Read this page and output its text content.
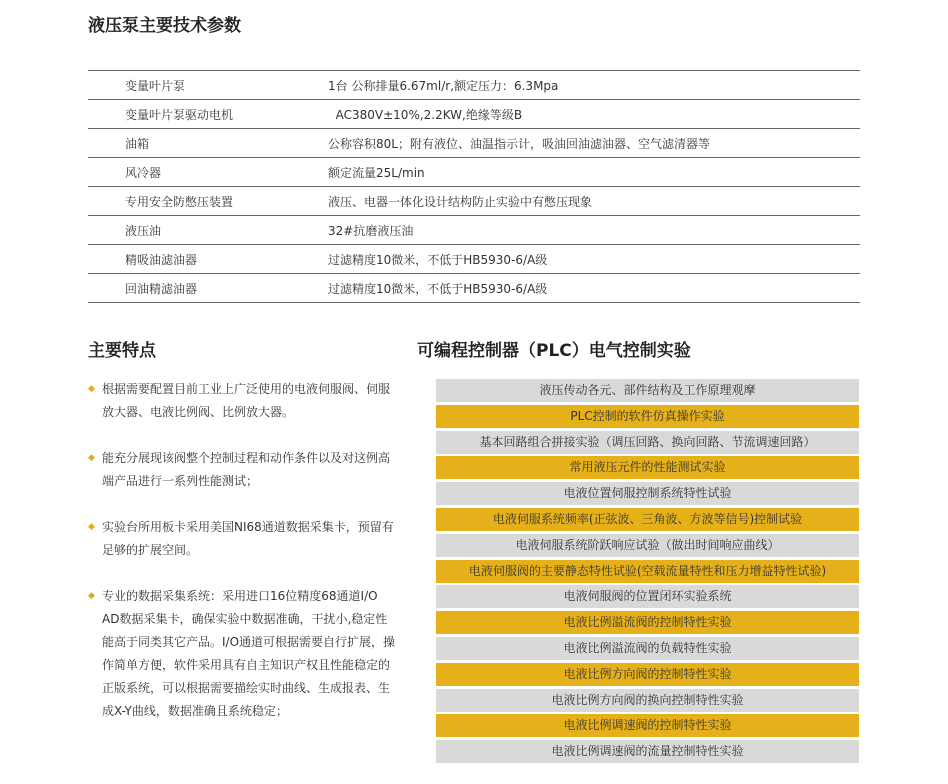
液压泵主要技术参数
变量叶片泵	1台 公称排量6.67ml/r,额定压力：6.3Mpa
变量叶片泵驱动电机	AC380V±10%,2.2KW,绝缘等级B
油箱	公称容积80L；附有液位、油温指示计，吸油回油滤油器、空气滤清器等
风冷器	额定流量25L/min
专用安全防憋压装置	液压、电器一体化设计结构防止实验中有憋压现象
液压油	32#抗磨液压油
精吸油滤油器	过滤精度10微米，不低于HB5930-6/A级
回油精滤油器	过滤精度10微米，不低于HB5930-6/A级
主要特点
◆ 根据需要配置目前工业上广泛使用的电液伺服阀、伺服放大器、电液比例阀、比例放大器。
◆ 能充分展现该阀整个控制过程和动作条件以及对这例高端产品进行一系列性能测试；
◆ 实验台所用板卡采用美国NI68通道数据采集卡，预留有足够的扩展空间。
◆ 专业的数据采集系统：采用进口16位精度68通道I/O AD数据采集卡，确保实验中数据准确，干扰小,稳定性能高于同类其它产品。I/O通道可根据需要自行扩展，操作简单方便，软件采用具有自主知识产权且性能稳定的正版系统，可以根据需要描绘实时曲线、生成报表、生成X-Y曲线，数据准确且系统稳定；
可编程控制器（PLC）电气控制实验
液压传动各元、部件结构及工作原理观摩
PLC控制的软件仿真操作实验
基本回路组合拼接实验（调压回路、换向回路、节流调速回路）
常用液压元件的性能测试实验
电液位置伺服控制系统特性试验
电液伺服系统频率(正弦波、三角波、方波等信号)控制试验
电液伺服系统阶跃响应试验（做出时间响应曲线）
电液伺服阀的主要静态特性试验(空载流量特性和压力增益特性试验)
电液伺服阀的位置闭环实验系统
电液比例溢流阀的控制特性实验
电液比例溢流阀的负载特性实验
电液比例方向阀的控制特性实验
电液比例方向阀的换向控制特性实验
电液比例调速阀的控制特性实验
电液比例调速阀的流量控制特性实验
